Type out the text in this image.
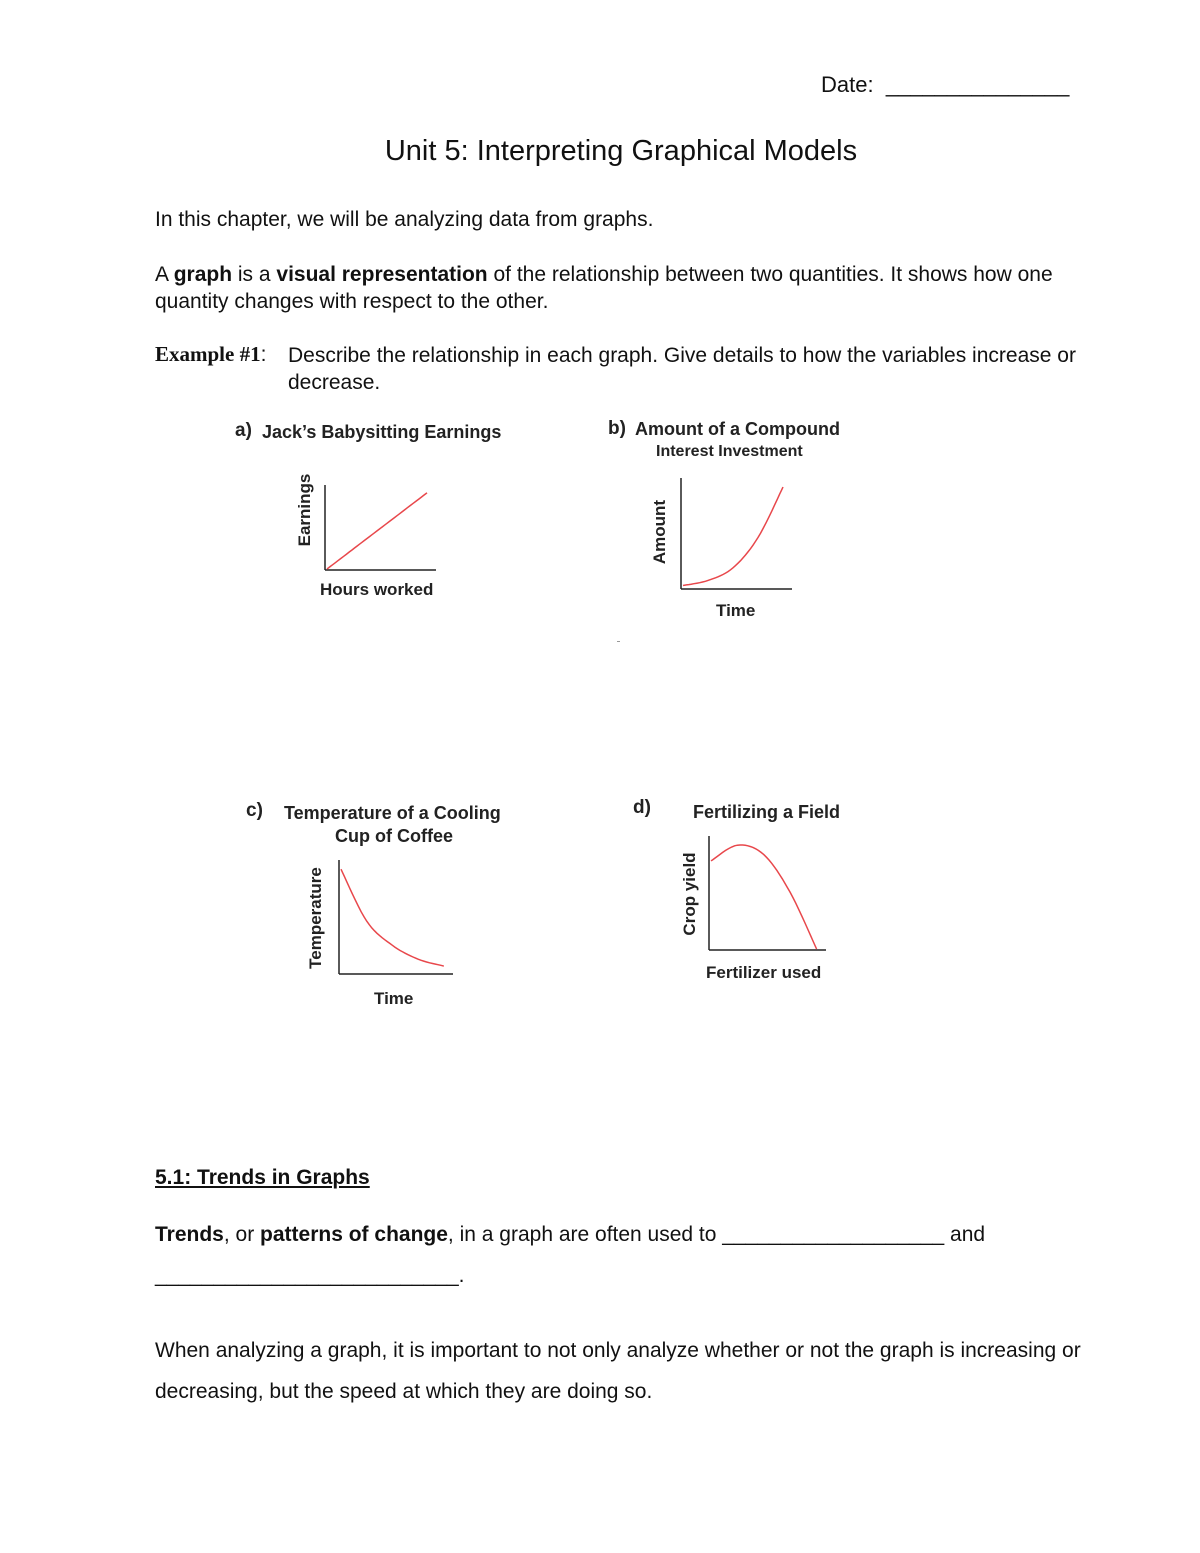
Date: _______________
Unit 5: Interpreting Graphical Models
In this chapter, we will be analyzing data from graphs.
A graph is a visual representation of the relationship between two quantities. It shows how one quantity changes with respect to the other.
Example #1: Describe the relationship in each graph. Give details to how the variables increase or decrease.
a) Jack’s Babysitting Earnings
Earnings
Hours worked
b) Amount of a Compound
Interest Investment
Amount
Time
c) Temperature of a Cooling
Cup of Coffee
Temperature
Time
d) Fertilizing a Field
Crop yield
Fertilizer used
5.1: Trends in Graphs
Trends, or patterns of change, in a graph are often used to ___________________ and
__________________________.
When analyzing a graph, it is important to not only analyze whether or not the graph is increasing or decreasing, but the speed at which they are doing so.
